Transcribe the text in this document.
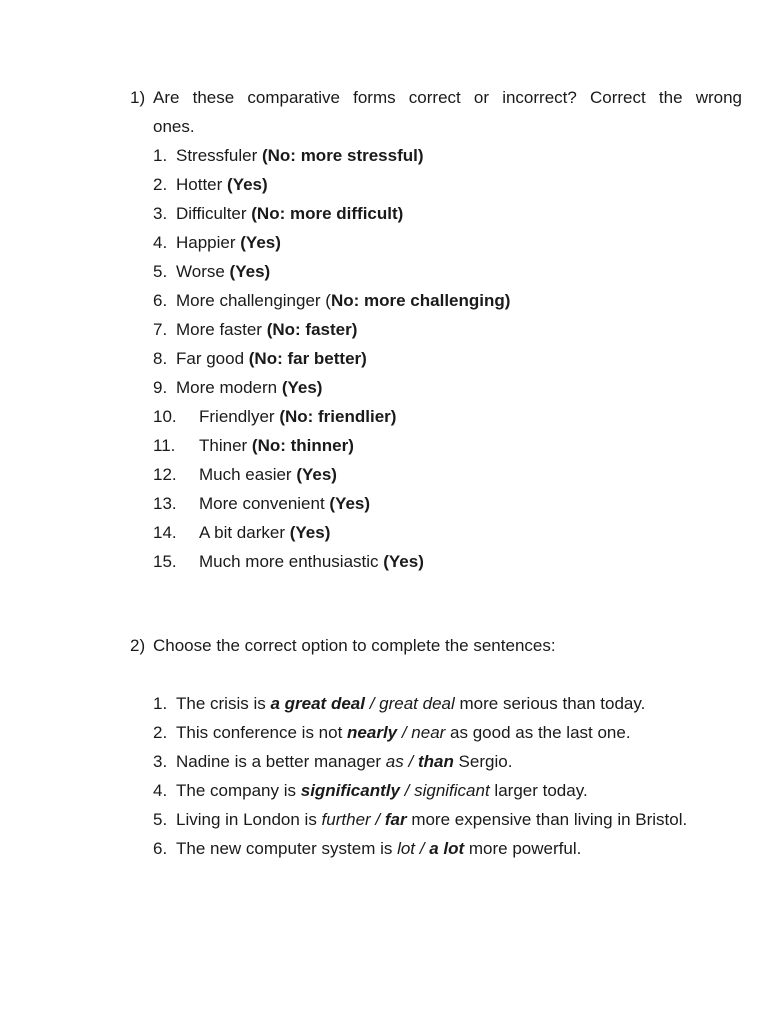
1) Are these comparative forms correct or incorrect? Correct the wrong
ones.
1. Stressfuler (No: more stressful)
2. Hotter (Yes)
3. Difficulter (No: more difficult)
4. Happier (Yes)
5. Worse (Yes)
6. More challenginger (No: more challenging)
7. More faster (No: faster)
8. Far good (No: far better)
9. More modern (Yes)
10. Friendlyer (No: friendlier)
11. Thiner (No: thinner)
12. Much easier (Yes)
13. More convenient (Yes)
14. A bit darker (Yes)
15. Much more enthusiastic (Yes)
2) Choose the correct option to complete the sentences:
1. The crisis is a great deal / great deal more serious than today.
2. This conference is not nearly / near as good as the last one.
3. Nadine is a better manager as / than Sergio.
4. The company is significantly / significant larger today.
5. Living in London is further / far more expensive than living in Bristol.
6. The new computer system is lot / a lot more powerful.
